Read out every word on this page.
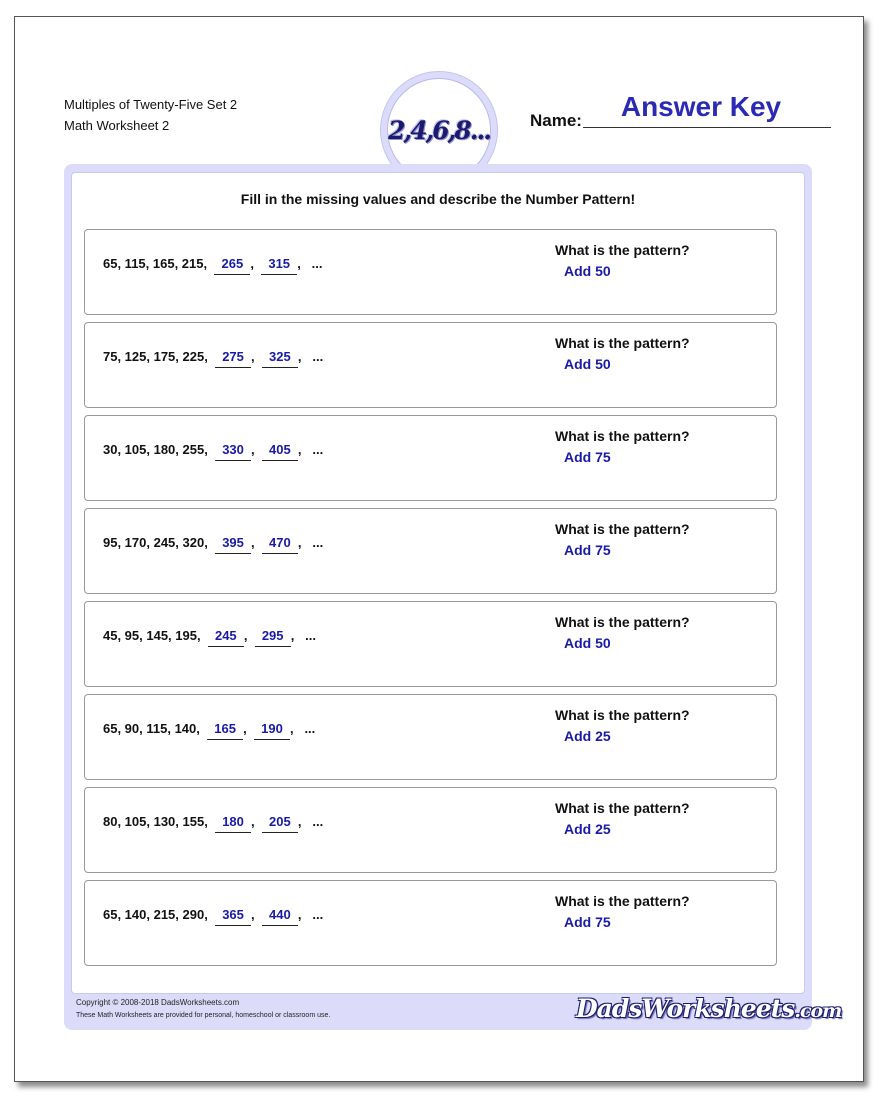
Multiples of Twenty-Five Set 2
Math Worksheet 2	2,4,6,8... Name:	Answer Key
Fill in the missing values and describe the Number Pattern!
65, 115, 165, 215, 265 , 315 , ...
What is the pattern?
Add 50
75, 125, 175, 225, 275 , 325 , ...
What is the pattern?
Add 50
30, 105, 180, 255, 330 , 405 , ...
What is the pattern?
Add 75
95, 170, 245, 320, 395 , 470 , ...
What is the pattern?
Add 75
45, 95, 145, 195, 245 , 295 , ...
What is the pattern?
Add 50
65, 90, 115, 140, 165 , 190 , ...
What is the pattern?
Add 25
80, 105, 130, 155, 180 , 205 , ...
What is the pattern?
Add 25
65, 140, 215, 290, 365 , 440 , ...
What is the pattern?
Add 75
Copyright © 2008-2018 DadsWorksheets.com
These Math Worksheets are provided for personal, homeschool or classroom use.	DadsWorksheets.com
